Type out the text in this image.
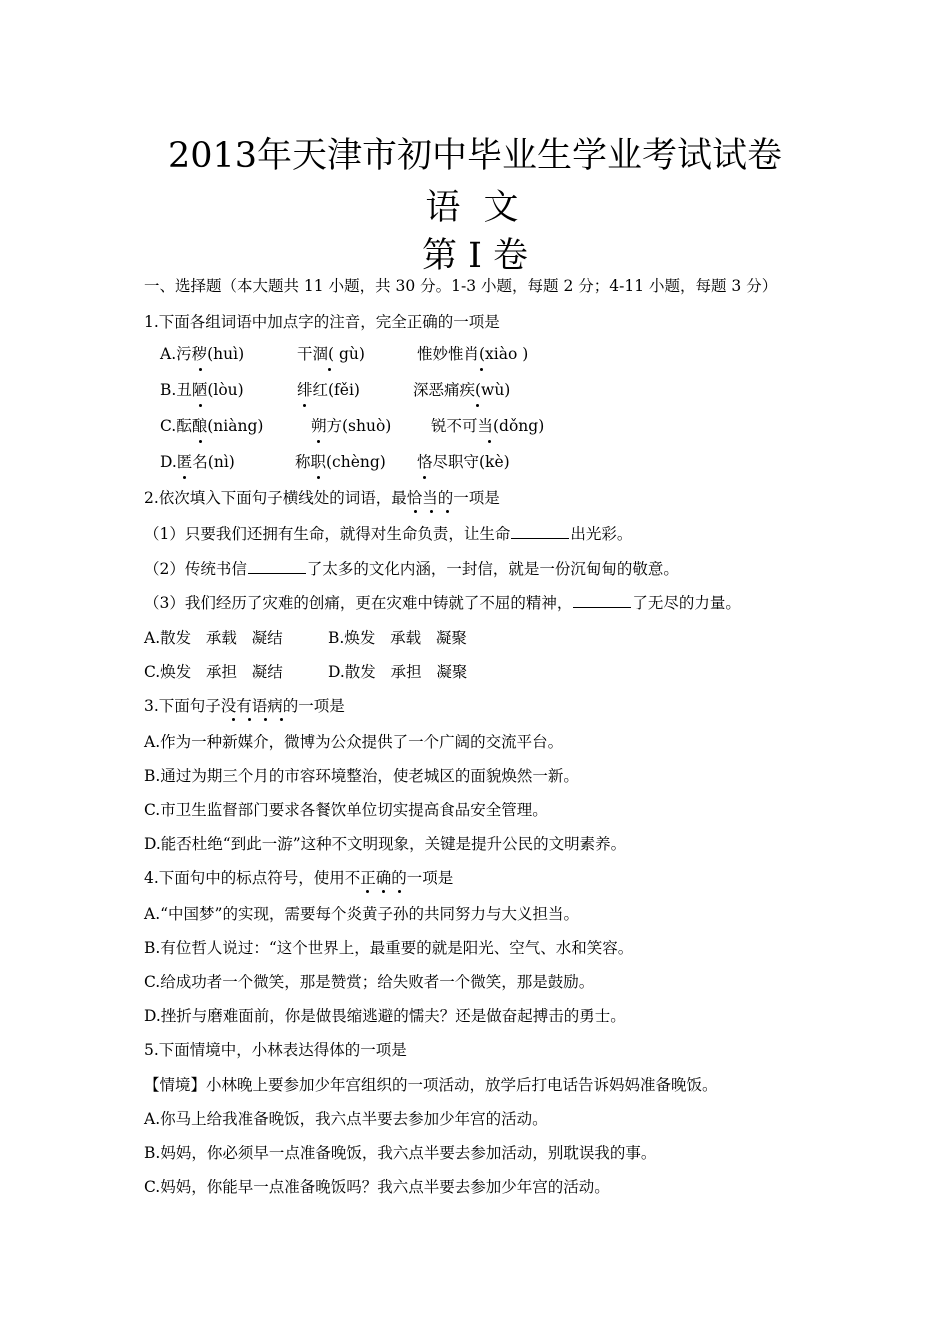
2013年天津市初中毕业生学业考试试卷
语 文
第 I 卷
一、选择题（本大题共 11 小题，共 30 分。1-3 小题，每题 2 分；4-11 小题，每题 3 分）
1.下面各组词语中加点字的注音，完全正确的一项是
A.污秽(huì)	干涸( gù)	惟妙惟肖(xiào )
B.丑陋(lòu)	绯红(fěi)	深恶痛疾(wù)
C.酝酿(niàng)	朔方(shuò)	锐不可当(dǒng)
D.匿名(nì)	称职(chèng) 恪尽职守(kè)
2.依次填入下面句子横线处的词语，最恰当的一项是
（1）只要我们还拥有生命，就得对生命负责，让生命	出光彩。
（2）传统书信	了太多的文化内涵，一封信，就是一份沉甸甸的敬意。
（3）我们经历了灾难的创痛，更在灾难中铸就了不屈的精神，	了无尽的力量。
A.散发   承载   凝结	B.焕发   承载   凝聚
C.焕发   承担   凝结	D.散发   承担   凝聚
3.下面句子没有语病的一项是
A.作为一种新媒介，微博为公众提供了一个广阔的交流平台。
B.通过为期三个月的市容环境整治，使老城区的面貌焕然一新。
C.市卫生监督部门要求各餐饮单位切实提高食品安全管理。
D.能否杜绝“到此一游”这种不文明现象，关键是提升公民的文明素养。
4.下面句中的标点符号，使用不正确的一项是
A.“中国梦”的实现，需要每个炎黄子孙的共同努力与大义担当。
B.有位哲人说过：“这个世界上，最重要的就是阳光、空气、水和笑容。
C.给成功者一个微笑，那是赞赏；给失败者一个微笑，那是鼓励。
D.挫折与磨难面前，你是做畏缩逃避的懦夫？还是做奋起搏击的勇士。
5.下面情境中，小林表达得体的一项是
【情境】小林晚上要参加少年宫组织的一项活动，放学后打电话告诉妈妈准备晚饭。
A.你马上给我准备晚饭，我六点半要去参加少年宫的活动。
B.妈妈，你必须早一点准备晚饭，我六点半要去参加活动，别耽误我的事。
C.妈妈，你能早一点准备晚饭吗？我六点半要去参加少年宫的活动。
